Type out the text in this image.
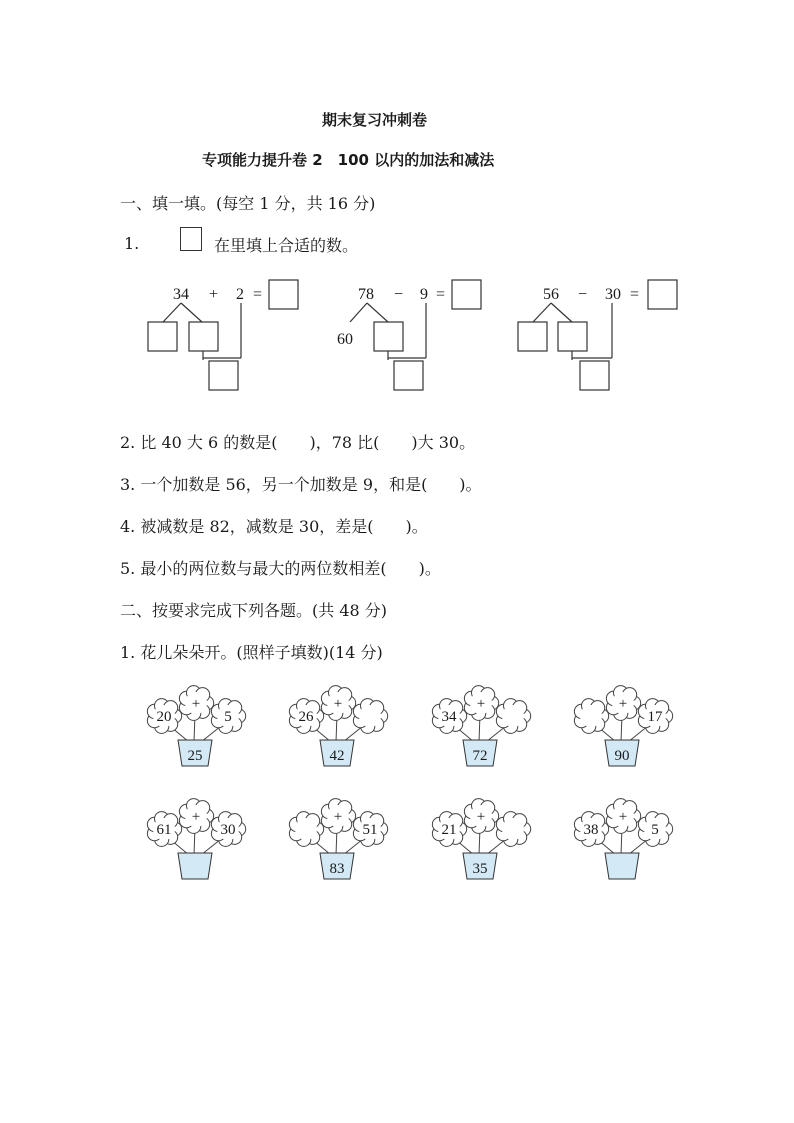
期末复习冲刺卷
专项能力提升卷 2　100 以内的加法和减法
一、填一填。(每空 1 分，共 16 分)
1.	在里填上合适的数。
34 + 2 =	78 − 9 =
60
56 − 30 =
2. 比 40 大 6 的数是(　　)，78 比(　　)大 30。
3. 一个加数是 56，另一个加数是 9，和是(　　)。
4. 被减数是 82，减数是 30，差是(　　)。
5. 最小的两位数与最大的两位数相差(　　)。
二、按要求完成下列各题。(共 48 分)
1. 花儿朵朵开。(照样子填数)(14 分)
+
20	5
25
+
26
42
+
34
72
+
17
90
+
61	30
+
51
83
+
21
35
+
38	5
